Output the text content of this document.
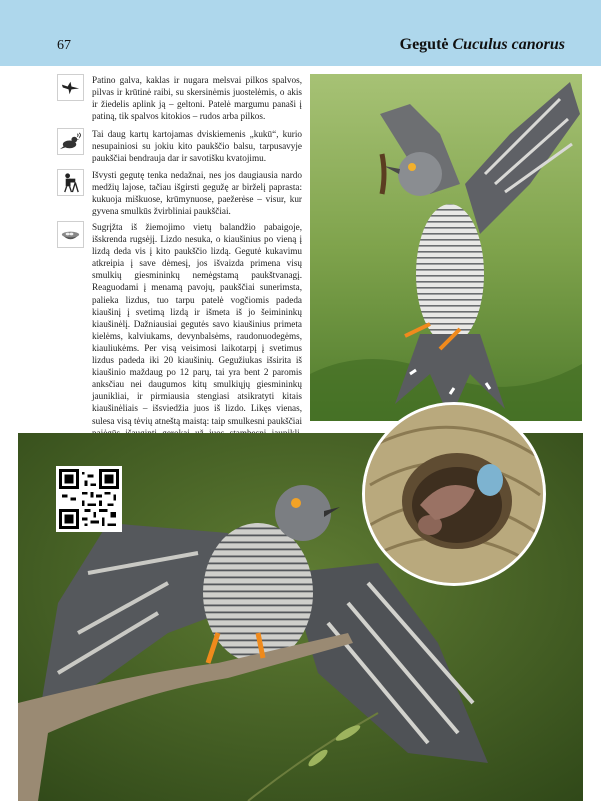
67	Gegutė Cuculus canorus
Patino galva, kaklas ir nugara melsvai pilkos spalvos, pilvas ir krūtinė raibi, su skersinėmis juostelėmis, o akis ir žiedelis aplink ją – geltoni. Patelė margumu panaši į patiną, tik spalvos kitokios – rudos arba pilkos.
Tai daug kartų kartojamas dviskiemenis „kukū“, kurio nesupainiosi su jokiu kito paukščio balsu, tarpusavyje paukščiai bendrauja dar ir savotišku kvatojimu.
Išvysti gegutę tenka nedažnai, nes jos daugiausia nardo medžių lajose, tačiau išgirsti gegužę ar birželį paprasta: kukuoja miškuose, krūmynuose, paežerėse – visur, kur gyvena smulkūs žvirbliniai paukščiai.
Sugrįžta iš žiemojimo vietų balandžio pabaigoje, išskrenda rugsėjį. Lizdo nesuka, o kiaušinius po vieną į lizdą deda vis į kito paukščio lizdą. Gegutė kukavimu atkreipia į save dėmesį, jos išvaizda primena visų smulkių giesmininkų nemėgstamą paukštvanagį. Reaguodami į menamą pavojų, paukščiai sunerimsta, palieka lizdus, tuo tarpu patelė vogčiomis padeda kiaušinį į svetimą lizdą ir išmeta iš jo šeimininkų kiaušinėlį. Dažniausiai gegutės savo kiaušinius primeta kielėms, kalviukams, devynbalsėms, raudonuodegėms, kiauliukėms. Per visą veisimosi laikotarpį į svetimus lizdus padeda iki 20 kiaušinių. Gegužiukas išsirita iš kiaušinio maždaug po 12 parų, tai yra bent 2 paromis anksčiau nei daugumos kitų smulkiųjų giesmininkų jaunikliai, ir pirmiausia stengiasi atsikratyti kitais kiaušinėliais – išsviedžia juos iš lizdo. Likęs vienas, sulesa visą tėvių atneštą maistą: taip smulkesni paukščiai
